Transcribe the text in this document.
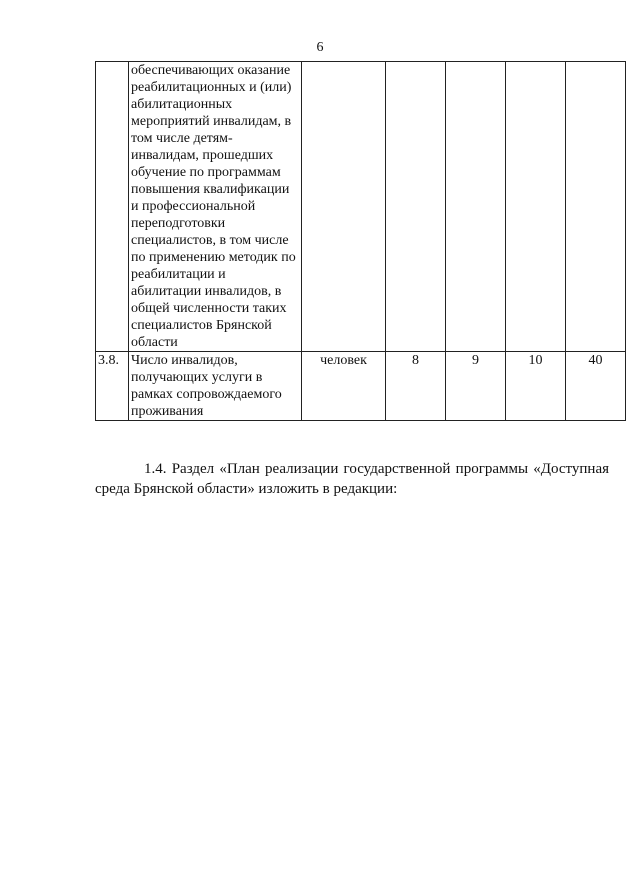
6
	обеспечивающих оказание реабилитационных и (или) абилитационных мероприятий инвалидам, в том числе детям-инвалидам, прошедших обучение по программам повышения квалификации и профессиональной переподготовки специалистов, в том числе по применению методик по реабилитации и абилитации инвалидов, в общей численности таких специалистов Брянской области					
3.8.	Число инвалидов, получающих услуги в рамках сопровождаемого проживания	человек	8	9	10	40
1.4. Раздел «План реализации государственной программы «Доступная
среда Брянской области» изложить в редакции:
